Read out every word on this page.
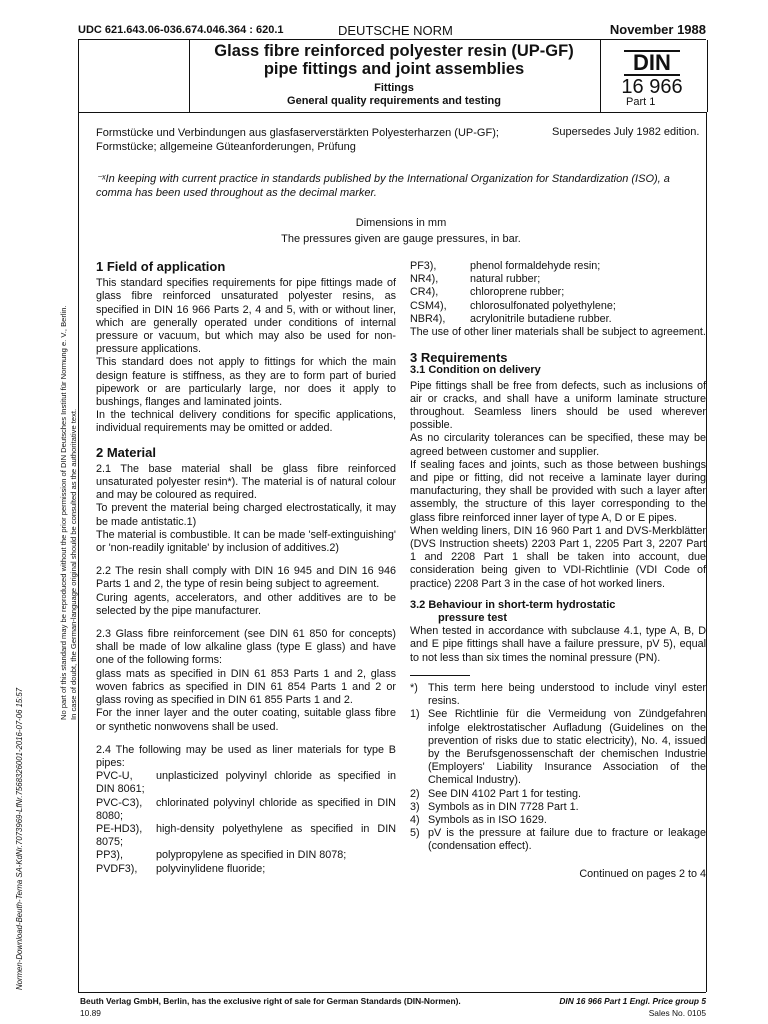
UDC 621.643.06-036.674.046.364 : 620.1	DEUTSCHE NORM	November 1988
Glass fibre reinforced polyester resin (UP-GF)
pipe fittings and joint assemblies
Fittings
General quality requirements and testing
DIN
16 966
Part 1
Formstücke und Verbindungen aus glasfaserverstärkten Polyesterharzen (UP-GF); Formstücke; allgemeine Güteanforderungen, Prüfung
Supersedes July 1982 edition.
⁻ˣIn keeping with current practice in standards published by the International Organization for Standardization (ISO), a comma has been used throughout as the decimal marker.
Dimensions in mm
The pressures given are gauge pressures, in bar.

1 Field of application

This standard specifies requirements for pipe fittings made of glass fibre reinforced unsaturated polyester resins, as specified in DIN 16 966 Parts 2, 4 and 5, with or without liner, which are generally operated under conditions of internal pressure or vacuum, but which may also be used for non-pressure applications.

This standard does not apply to fittings for which the main design feature is stiffness, as they are to form part of buried pipework or are particularly large, nor does it apply to bushings, flanges and laminated joints.

In the technical delivery conditions for specific applications, individual requirements may be omitted or added.

2 Material

2.1 The base material shall be glass fibre reinforced unsaturated polyester resin*). The material is of natural colour and may be coloured as required.

To prevent the material being charged electrostatically, it may be made antistatic.1)

The material is combustible. It can be made 'self-extinguishing' or 'non-readily ignitable' by inclusion of additives.2)

2.2 The resin shall comply with DIN 16 945 and DIN 16 946 Parts 1 and 2, the type of resin being subject to agreement.

Curing agents, accelerators, and other additives are to be selected by the pipe manufacturer.

2.3 Glass fibre reinforcement (see DIN 61 850 for concepts) shall be made of low alkaline glass (type E glass) and have one of the following forms:

glass mats as specified in DIN 61 853 Parts 1 and 2, glass woven fabrics as specified in DIN 61 854 Parts 1 and 2 or glass roving as specified in DIN 61 855 Parts 1 and 2.

For the inner layer and the outer coating, suitable glass fibre or synthetic nonwovens shall be used.

2.4 The following may be used as liner materials for type B pipes:

PVC-U, unplasticized polyvinyl chloride as specified in DIN 8061;
PVC-C3), chlorinated polyvinyl chloride as specified in DIN 8080;
PE-HD3), high-density polyethylene as specified in DIN 8075;
PP3),	polypropylene as specified in DIN 8078;
PVDF3), polyvinylidene fluoride;
PF3),	phenol formaldehyde resin;
NR4),	natural rubber;
CR4),	chloroprene rubber;
CSM4), chlorosulfonated polyethylene;
NBR4), acrylonitrile butadiene rubber.

The use of other liner materials shall be subject to agreement.

3 Requirements

3.1 Condition on delivery

Pipe fittings shall be free from defects, such as inclusions of air or cracks, and shall have a uniform laminate structure throughout. Seamless liners should be used wherever possible.

As no circularity tolerances can be specified, these may be agreed between customer and supplier.

If sealing faces and joints, such as those between bushings and pipe or fitting, did not receive a laminate layer during manufacturing, they shall be provided with such a layer after assembly, the structure of this layer corresponding to the glass fibre reinforced inner layer of type A, D or E pipes.

When welding liners, DIN 16 960 Part 1 and DVS-Merkblätter (DVS Instruction sheets) 2203 Part 1, 2205 Part 3, 2207 Part 1 and 2208 Part 1 shall be taken into account, due consideration being given to VDI-Richtlinie (VDI Code of practice) 2208 Part 3 in the case of hot worked liners.

3.2 Behaviour in short-term hydrostatic
pressure test

When tested in accordance with subclause 4.1, type A, B, D and E pipe fittings shall have a failure pressure, pV 5), equal to not less than six times the nominal pressure (PN).

*) This term here being understood to include vinyl ester resins.
1) See Richtlinie für die Vermeidung von Zündgefahren infolge elektrostatischer Aufladung (Guidelines on the prevention of risks due to static electricity), No. 4, issued by the Berufsgenossenschaft der chemischen Industrie (Employers' Liability Insurance Association of the Chemical Industry).
2) See DIN 4102 Part 1 for testing.
3) Symbols as in DIN 7728 Part 1.
4) Symbols as in ISO 1629.
5) pV is the pressure at failure due to fracture or leakage (condensation effect).

Continued on pages 2 to 4

No part of this standard may be reproduced without the prior permission of DIN Deutsches Institut für Normung e. V., Berlin. In case of doubt, the German-language original should be consulted as the authoritative text.
Normen-Download-Beuth-Terna SA-KdNr.7073969-LfNr.7568326001-2016-07-06 15:57
Beuth Verlag GmbH, Berlin, has the exclusive right of sale for German Standards (DIN-Normen).
10.89
DIN 16 966 Part 1 Engl. Price group 5
Sales No. 0105
